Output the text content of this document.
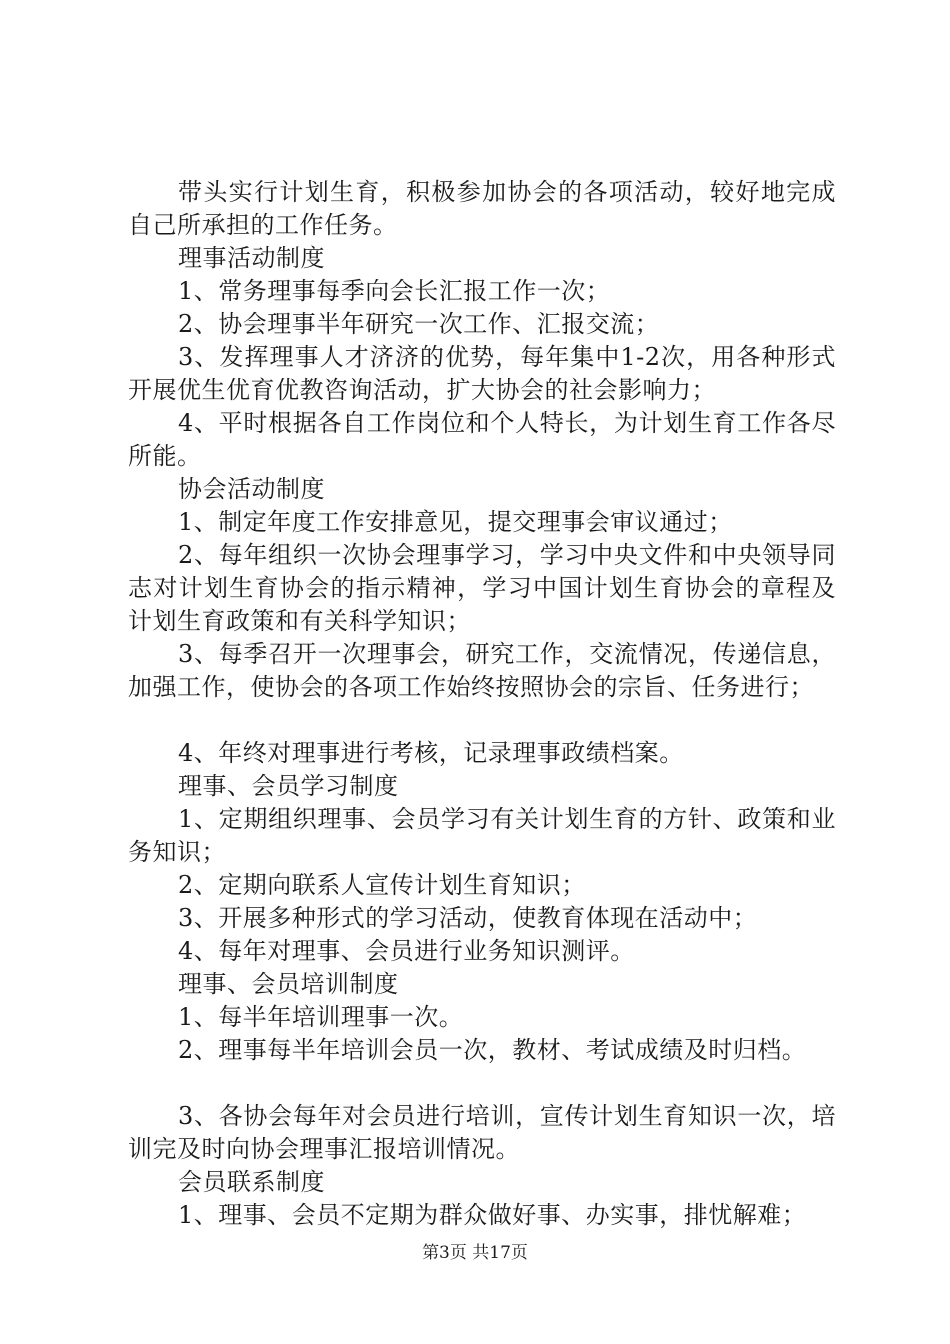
带头实行计划生育，积极参加协会的各项活动，较好地完成自己所承担的工作任务。

理事活动制度

1、常务理事每季向会长汇报工作一次；

2、协会理事半年研究一次工作、汇报交流；

3、发挥理事人才济济的优势，每年集中1-2次，用各种形式开展优生优育优教咨询活动，扩大协会的社会影响力；

4、平时根据各自工作岗位和个人特长，为计划生育工作各尽所能。

协会活动制度

1、制定年度工作安排意见，提交理事会审议通过；

2、每年组织一次协会理事学习，学习中央文件和中央领导同志对计划生育协会的指示精神，学习中国计划生育协会的章程及计划生育政策和有关科学知识；

3、每季召开一次理事会，研究工作，交流情况，传递信息，加强工作，使协会的各项工作始终按照协会的宗旨、任务进行；

4、年终对理事进行考核，记录理事政绩档案。

理事、会员学习制度

1、定期组织理事、会员学习有关计划生育的方针、政策和业务知识；

2、定期向联系人宣传计划生育知识；

3、开展多种形式的学习活动，使教育体现在活动中；

4、每年对理事、会员进行业务知识测评。

理事、会员培训制度

1、每半年培训理事一次。

2、理事每半年培训会员一次，教材、考试成绩及时归档。

3、各协会每年对会员进行培训，宣传计划生育知识一次，培训完及时向协会理事汇报培训情况。

会员联系制度

1、理事、会员不定期为群众做好事、办实事，排忧解难；

第3页 共17页
